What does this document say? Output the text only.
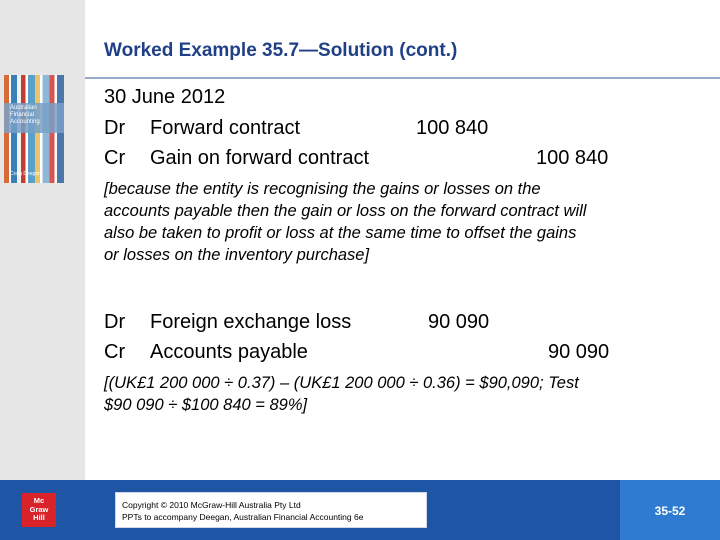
Australian
Financial Accounting
Craig Deegan
Worked Example 35.7—Solution (cont.)
30 June 2012
Dr Forward contract	100 840
Cr Gain on forward contract	100 840
[because the entity is recognising the gains or losses on the
accounts payable then the gain or loss on the forward contract will
also be taken to profit or loss at the same time to offset the gains
or losses on the inventory purchase]
Dr Foreign exchange loss	90 090
Cr Accounts payable	90 090
[(UK£1 200 000 ÷ 0.37) – (UK£1 200 000 ÷ 0.36) = $90,090; Test
$90 090 ÷ $100 840 = 89%]
Mc
Graw
Hill
Copyright © 2010 McGraw-Hill Australia Pty Ltd
PPTs to accompany Deegan, Australian Financial Accounting 6e	35-52
